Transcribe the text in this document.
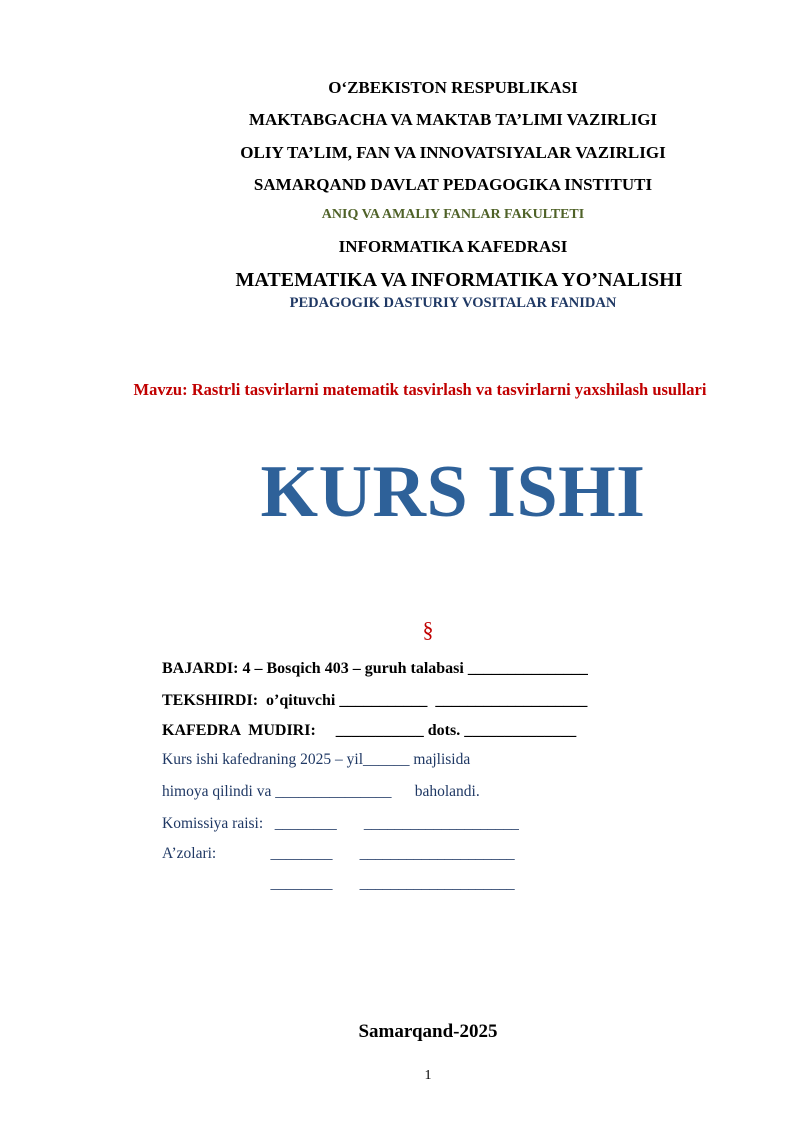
O‘ZBEKISTON RESPUBLIKASI
MAKTABGACHA VA MAKTAB TA’LIMI VAZIRLIGI
OLIY TA’LIM, FAN VA INNOVATSIYALAR VAZIRLIGI
SAMARQAND DAVLAT PEDAGOGIKA INSTITUTI
ANIQ VA AMALIY FANLAR FAKULTETI
INFORMATIKA KAFEDRASI
MATEMATIKA VA INFORMATIKA YO’NALISHI
PEDAGOGIK DASTURIY VOSITALAR FANIDAN
Mavzu: Rastrli tasvirlarni matematik tasvirlash va tasvirlarni yaxshilash usullari
KURS ISHI
§
BAJARDI: 4 – Bosqich 403 – guruh talabasi _______________
TEKSHIRDI:  o’qituvchi ___________  ___________________
KAFEDRA  MUDIRI:     ___________ dots. ______________
Kurs ishi kafedraning 2025 – yil______ majlisida
himoya qilindi va _______________      baholandi.
Komissiya raisi:   ________       ____________________
A’zolari:              ________       ____________________
________       ____________________
Samarqand-2025
1
